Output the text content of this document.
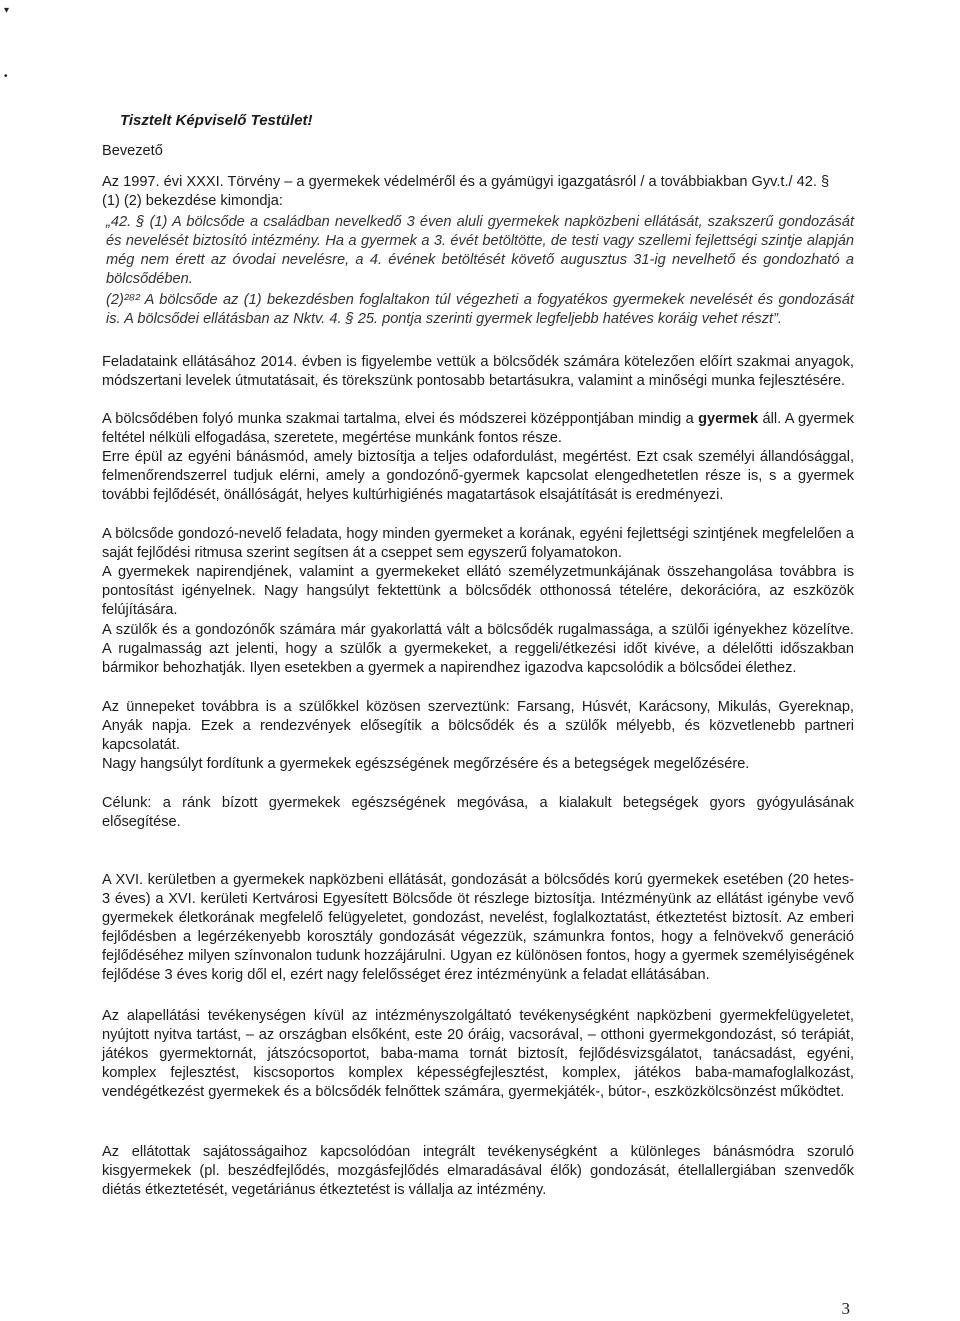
▾
•
Tisztelt Képviselő Testület!

Bevezető

Az 1997. évi XXXI. Törvény – a gyermekek védelméről és a gyámügyi igazgatásról / a továbbiakban Gyv.t./ 42. §
(1) (2) bekezdése kimondja:

„42. § (1) A bölcsőde a családban nevelkedő 3 éven aluli gyermekek napközbeni ellátását, szakszerű gondozását és nevelését biztosító intézmény. Ha a gyermek a 3. évét betöltötte, de testi vagy szellemi fejlettségi szintje alapján még nem érett az óvodai nevelésre, a 4. évének betöltését követő augusztus 31-ig nevelhető és gondozható a bölcsődében.

(2)²⁸² A bölcsőde az (1) bekezdésben foglaltakon túl végezheti a fogyatékos gyermekek nevelését és gondozását is. A bölcsődei ellátásban az Nktv. 4. § 25. pontja szerinti gyermek legfeljebb hatéves koráig vehet részt”.

Feladataink ellátásához 2014. évben is figyelembe vettük a bölcsődék számára kötelezően előírt szakmai anyagok, módszertani levelek útmutatásait, és törekszünk pontosabb betartásukra, valamint a minőségi munka fejlesztésére.

A bölcsődében folyó munka szakmai tartalma, elvei és módszerei középpontjában mindig a gyermek áll. A gyermek feltétel nélküli elfogadása, szeretete, megértése munkánk fontos része.

Erre épül az egyéni bánásmód, amely biztosítja a teljes odafordulást, megértést. Ezt csak személyi állandósággal, felmenőrendszerrel tudjuk elérni, amely a gondozónő-gyermek kapcsolat elengedhetetlen része is, s a gyermek további fejlődését, önállóságát, helyes kultúrhigiénés magatartások elsajátítását is eredményezi.

A bölcsőde gondozó-nevelő feladata, hogy minden gyermeket a korának, egyéni fejlettségi szintjének megfelelően a saját fejlődési ritmusa szerint segítsen át a cseppet sem egyszerű folyamatokon.

A gyermekek napirendjének, valamint a gyermekeket ellátó személyzetmunkájának összehangolása továbbra is pontosítást igényelnek. Nagy hangsúlyt fektettünk a bölcsődék otthonossá tételére, dekorációra, az eszközök felújítására.

A szülők és a gondozónők számára már gyakorlattá vált a bölcsődék rugalmassága, a szülői igényekhez közelítve. A rugalmasság azt jelenti, hogy a szülők a gyermekeket, a reggeli/étkezési időt kivéve, a délelőtti időszakban bármikor behozhatják. Ilyen esetekben a gyermek a napirendhez igazodva kapcsolódik a bölcsődei élethez.

Az ünnepeket továbbra is a szülőkkel közösen szerveztünk: Farsang, Húsvét, Karácsony, Mikulás, Gyereknap, Anyák napja. Ezek a rendezvények elősegítik a bölcsődék és a szülők mélyebb, és közvetlenebb partneri kapcsolatát.

Nagy hangsúlyt fordítunk a gyermekek egészségének megőrzésére és a betegségek megelőzésére.

Célunk: a ránk bízott gyermekek egészségének megóvása, a kialakult betegségek gyors gyógyulásának elősegítése.

A XVI. kerületben a gyermekek napközbeni ellátását, gondozását a bölcsődés korú gyermekek esetében (20 hetes-3 éves) a XVI. kerületi Kertvárosi Egyesített Bölcsőde öt részlege biztosítja. Intézményünk az ellátást igénybe vevő gyermekek életkorának megfelelő felügyeletet, gondozást, nevelést, foglalkoztatást, étkeztetést biztosít. Az emberi fejlődésben a legérzékenyebb korosztály gondozását végezzük, számunkra fontos, hogy a felnövekvő generáció fejlődéséhez milyen színvonalon tudunk hozzájárulni. Ugyan ez különösen fontos, hogy a gyermek személyiségének fejlődése 3 éves korig dől el, ezért nagy felelősséget érez intézményünk a feladat ellátásában.

Az alapellátási tevékenységen kívül az intézményszolgáltató tevékenységként napközbeni gyermekfelügyeletet, nyújtott nyitva tartást, – az országban elsőként, este 20 óráig, vacsorával, – otthoni gyermekgondozást, só terápiát, játékos gyermektornát, játszócsoportot, baba-mama tornát biztosít, fejlődésvizsgálatot, tanácsadást, egyéni, komplex fejlesztést, kiscsoportos komplex képességfejlesztést, komplex, játékos baba-mamafoglalkozást, vendégétkezést gyermekek és a bölcsődék felnőttek számára, gyermekjáték-, bútor-, eszközkölcsönzést működtet.

Az ellátottak sajátosságaihoz kapcsolódóan integrált tevékenységként a különleges bánásmódra szoruló kisgyermekek (pl. beszédfejlődés, mozgásfejlődés elmaradásával élők) gondozását, étellallergiában szenvedők diétás étkeztetését, vegetáriánus étkeztetést is vállalja az intézmény.

3
